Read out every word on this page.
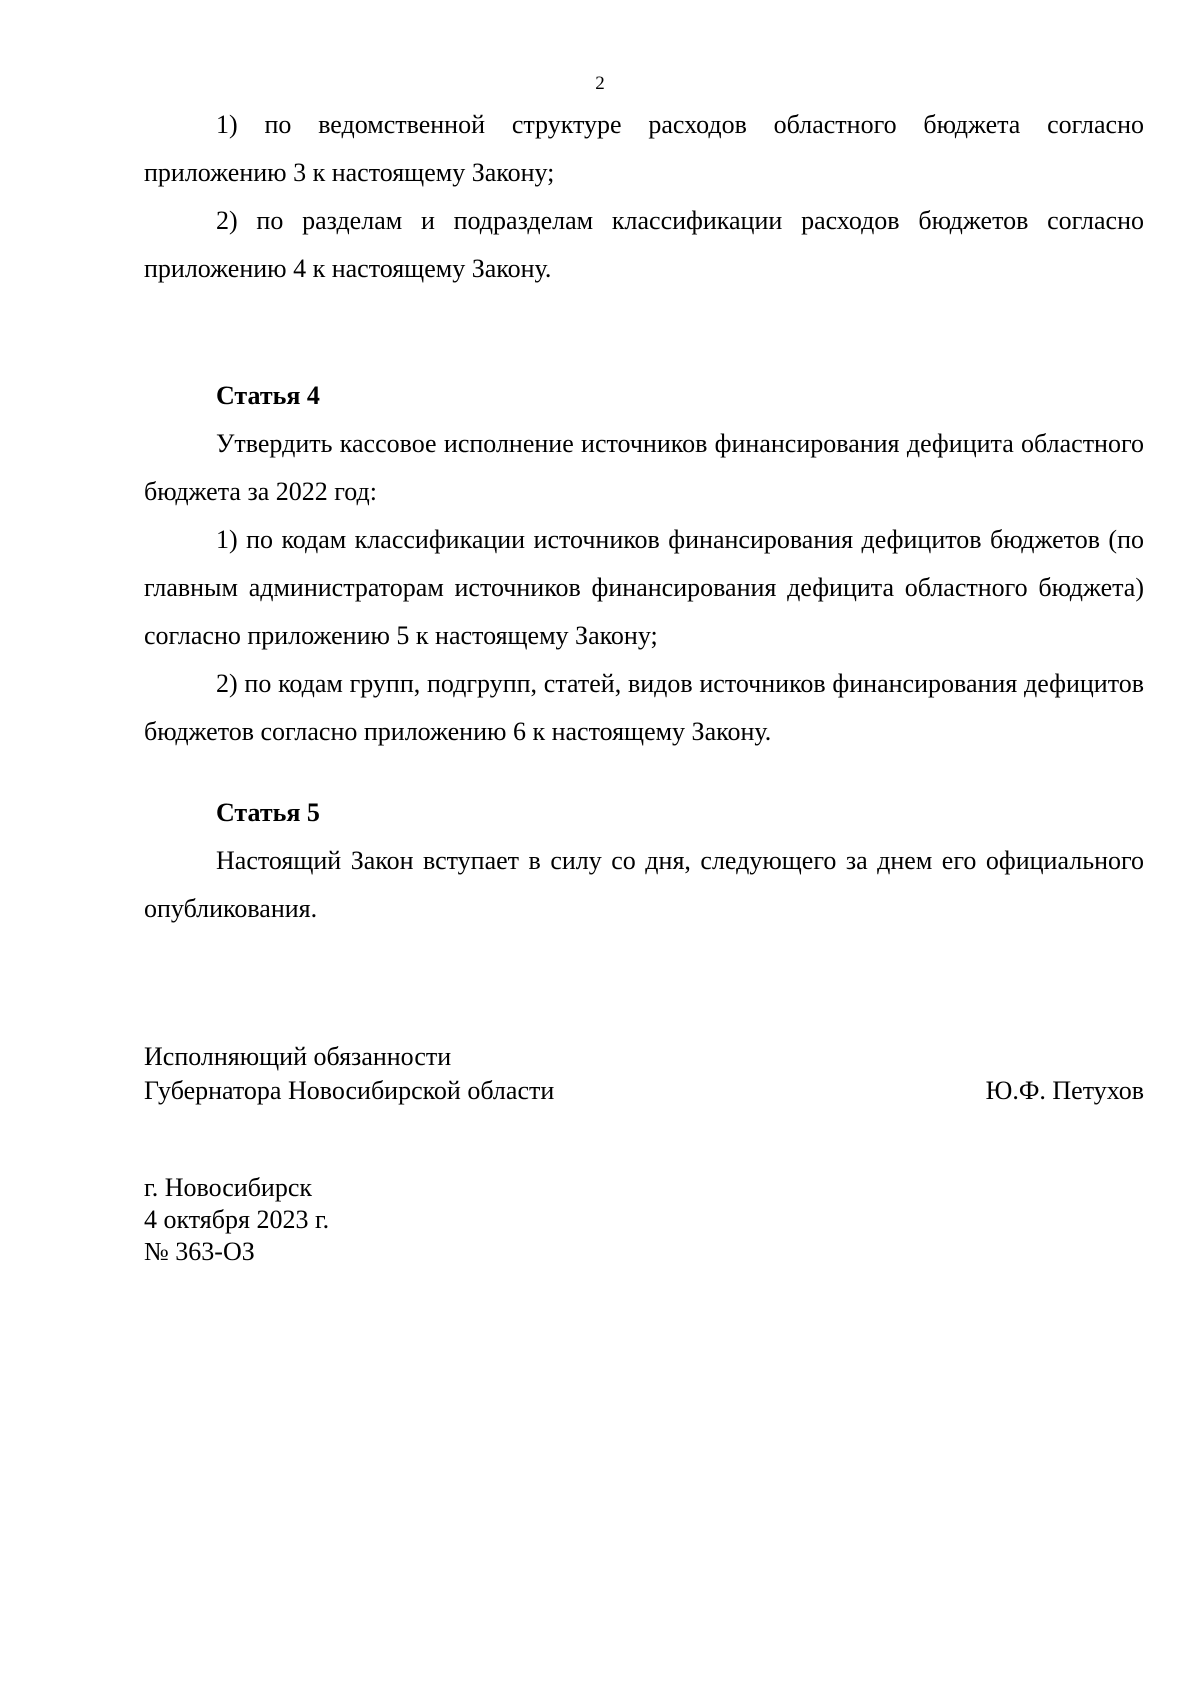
2

1) по ведомственной структуре расходов областного бюджета согласно приложению 3 к настоящему Закону;

2) по разделам и подразделам классификации расходов бюджетов согласно приложению 4 к настоящему Закону.

Статья 4

Утвердить кассовое исполнение источников финансирования дефицита областного бюджета за 2022 год:

1) по кодам классификации источников финансирования дефицитов бюджетов (по главным администраторам источников финансирования дефицита областного бюджета) согласно приложению 5 к настоящему Закону;

2) по кодам групп, подгрупп, статей, видов источников финансирования дефицитов бюджетов согласно приложению 6 к настоящему Закону.

Статья 5

Настоящий Закон вступает в силу со дня, следующего за днем его официального опубликования.

Исполняющий обязанности
Губернатора Новосибирской области	Ю.Ф. Петухов
г. Новосибирск
4 октября 2023 г.
№ 363-ОЗ
